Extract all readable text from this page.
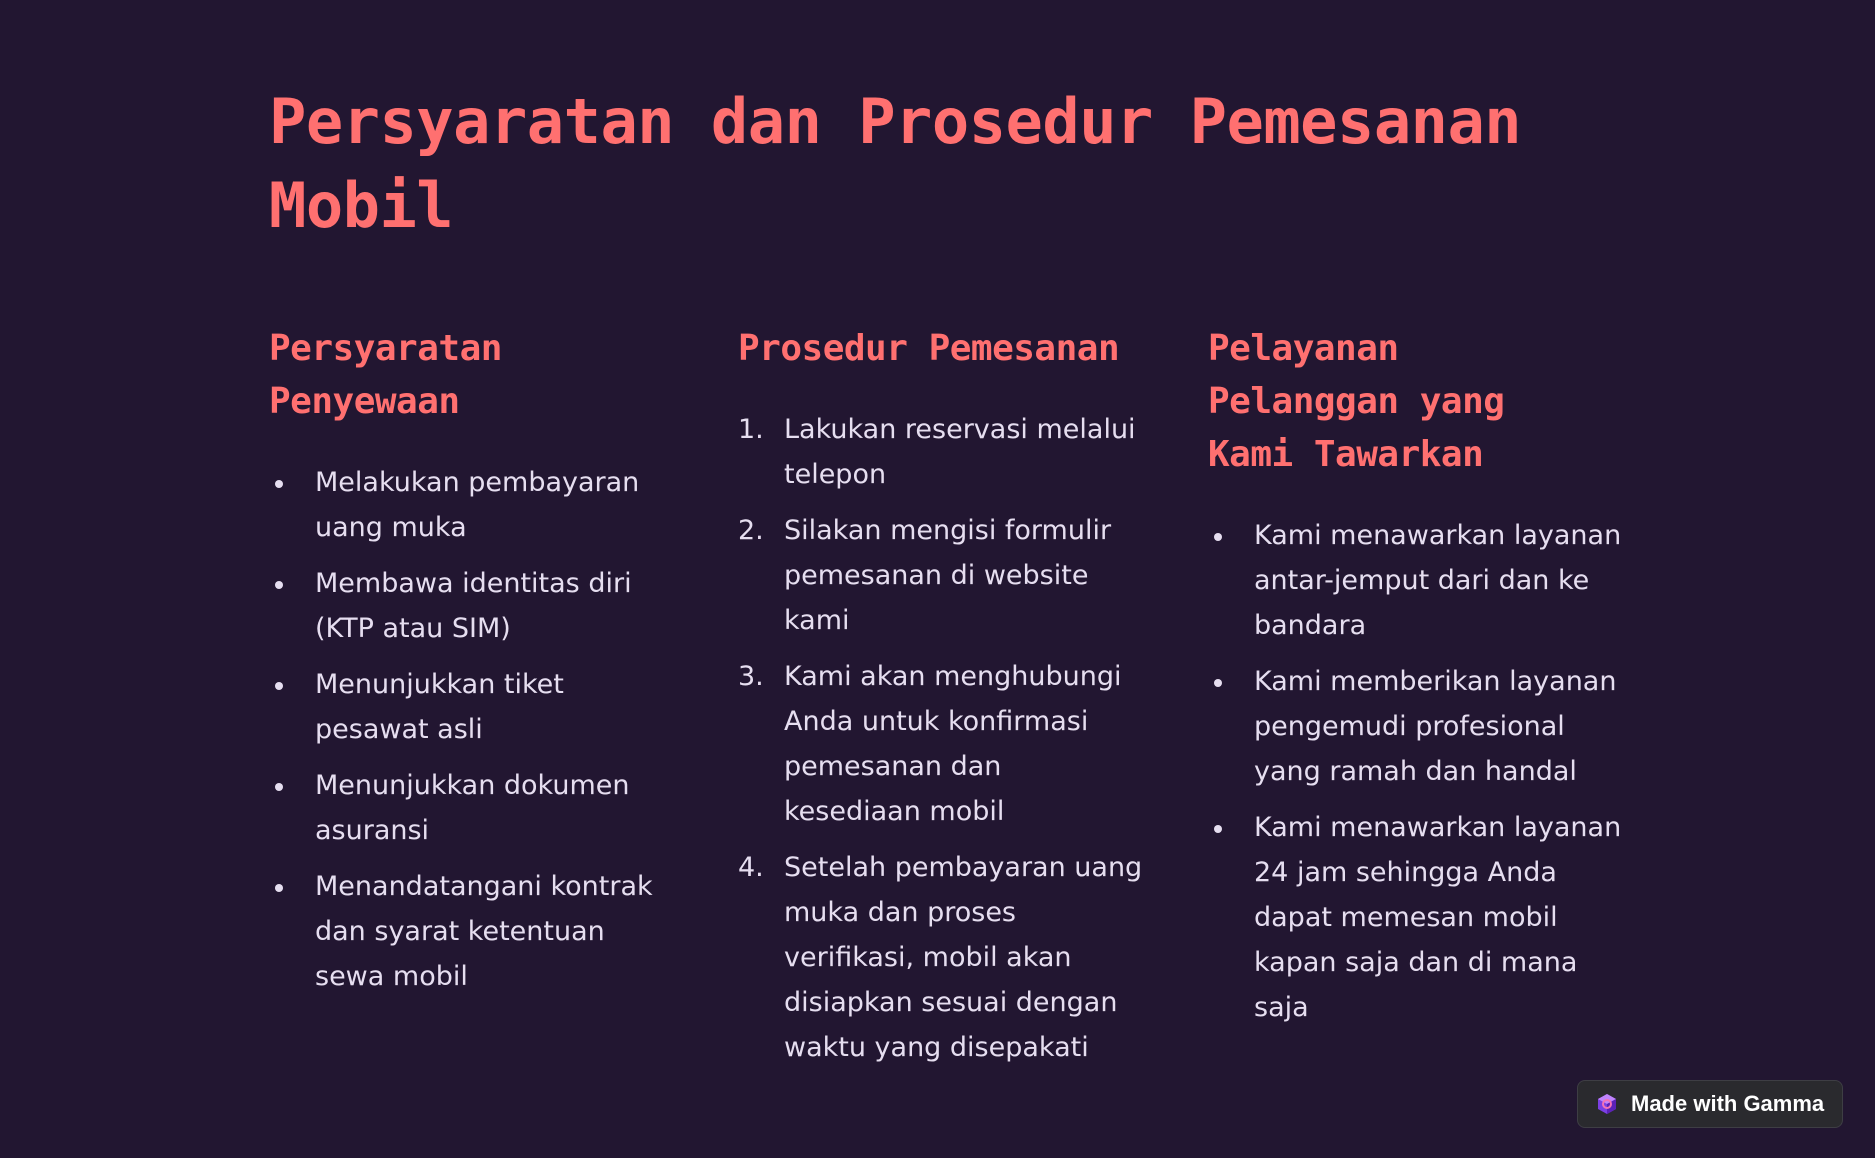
Persyaratan dan Prosedur Pemesanan Mobil
Persyaratan Penyewaan
Melakukan pembayaran uang muka
Membawa identitas diri (KTP atau SIM)
Menunjukkan tiket pesawat asli
Menunjukkan dokumen asuransi
Menandatangani kontrak dan syarat ketentuan sewa mobil
Prosedur Pemesanan
1. Lakukan reservasi melalui telepon
2. Silakan mengisi formulir pemesanan di website kami
3. Kami akan menghubungi Anda untuk konfirmasi pemesanan dan kesediaan mobil
4. Setelah pembayaran uang muka dan proses verifikasi, mobil akan disiapkan sesuai dengan waktu yang disepakati
Pelayanan Pelanggan yang Kami Tawarkan
Kami menawarkan layanan antar-jemput dari dan ke bandara
Kami memberikan layanan pengemudi profesional yang ramah dan handal
Kami menawarkan layanan 24 jam sehingga Anda dapat memesan mobil kapan saja dan di mana saja
Made with Gamma
